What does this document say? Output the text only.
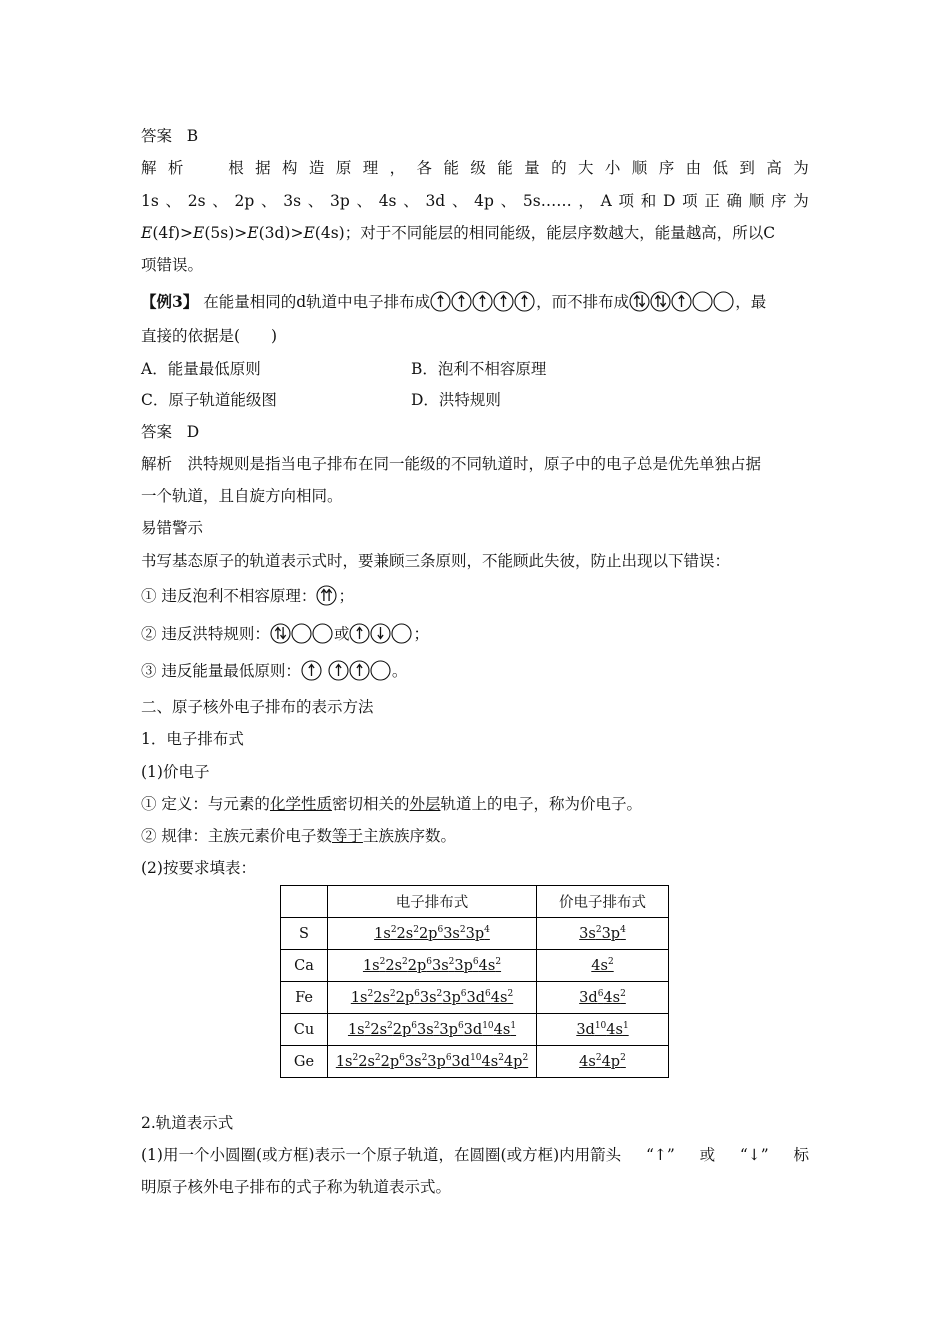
答案 B
解 析	根 据 构 造 原 理 ， 各 能 级 能 量 的 大 小 顺 序 由 低 到 高 为
1s 、 2s 、 2p 、 3s 、 3p 、 4s 、 3d 、 4p 、 5s…… ， A 项 和 D 项 正 确 顺 序 为
E(4f)>E(5s)>E(3d)>E(4s)；对于不同能层的相同能级，能层序数越大，能量越高，所以C
项错误。
【例3】 在能量相同的d轨道中电子排布成	，而不排布成	，最
直接的依据是(　　)
A．能量最低原则	B．泡利不相容原理
C．原子轨道能级图	D．洪特规则
答案 D
解析　洪特规则是指当电子排布在同一能级的不同轨道时，原子中的电子总是优先单独占据
一个轨道，且自旋方向相同。
易错警示
书写基态原子的轨道表示式时，要兼顾三条原则，不能顾此失彼，防止出现以下错误：
① 违反泡利不相容原理： ；
② 违反洪特规则：	或	；
③ 违反能量最低原则：
	。
二、原子核外电子排布的表示方法
1．电子排布式
(1)价电子
① 定义：与元素的化学性质密切相关的外层轨道上的电子，称为价电子。
② 规律：主族元素价电子数等于主族族序数。
(2)按要求填表：
	电子排布式	价电子排布式
S	$1s^22s^22p^63s^23p^4$	$3s^23p^4$
Ca	$1s^22s^22p^63s^23p^64s^2$	$4s^2$
Fe	$1s^22s^22p^63s^23p^63d^64s^2$	$3d^64s^2$
Cu	$1s^22s^22p^63s^23p^63d^{10}4s^1$	$3d^{10}4s^1$
Ge	$1s^22s^22p^63s^23p^63d^{10}4s^24p^2$	$4s^24p^2$
2.轨道表示式
(1)用一个小圆圈(或方框)表示一个原子轨道，在圆圈(或方框)内用箭头 “↑” 或 “↓” 标
明原子核外电子排布的式子称为轨道表示式。
